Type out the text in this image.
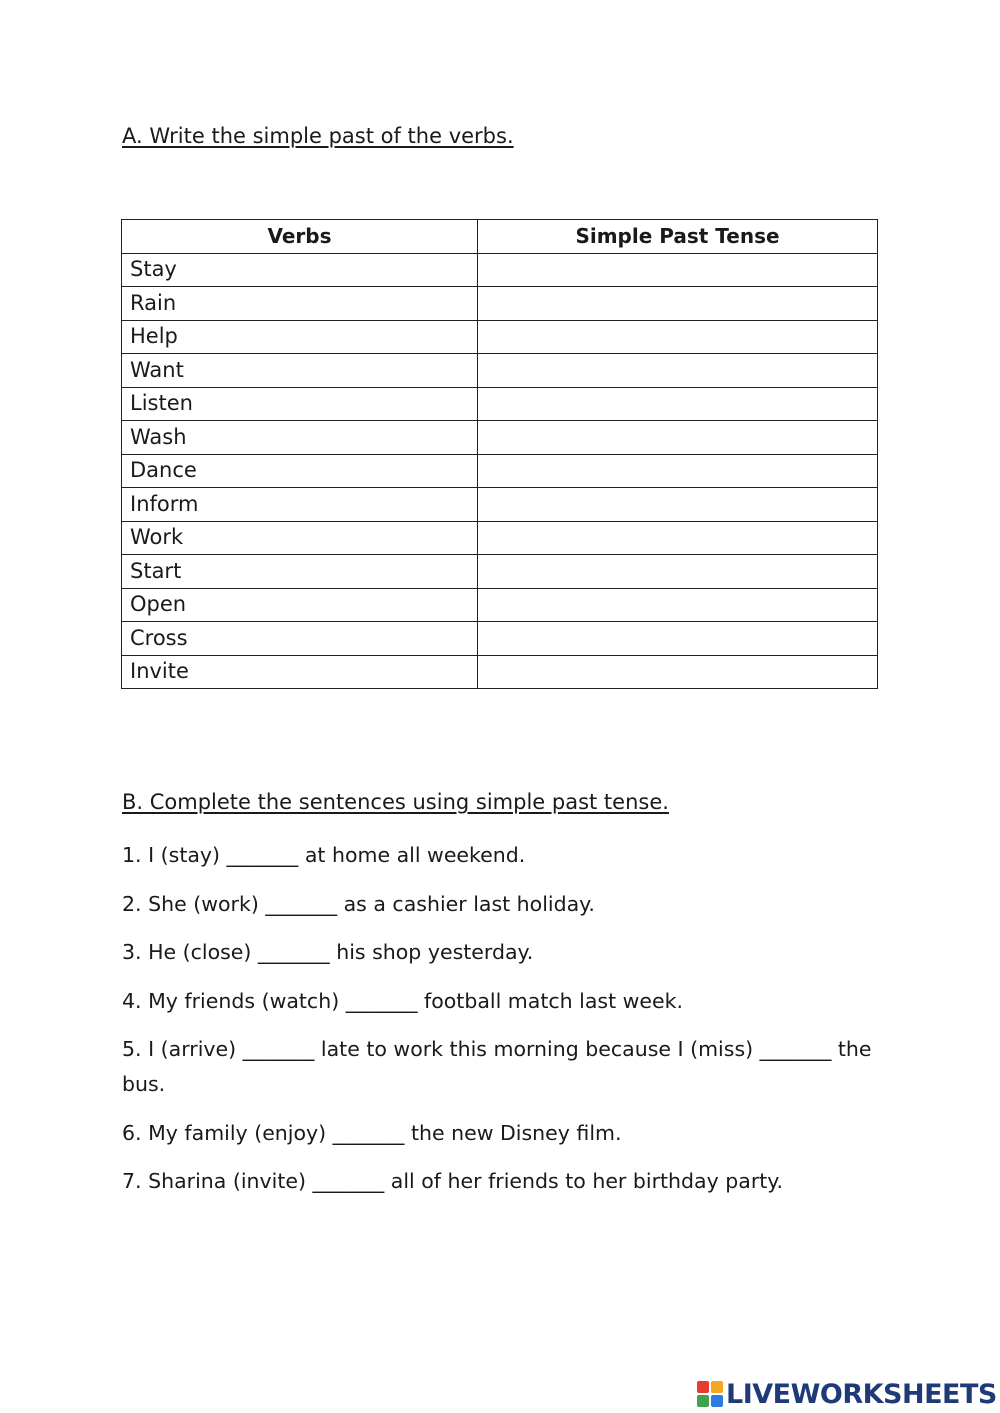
A. Write the simple past of the verbs.
Verbs	Simple Past Tense
Stay	
Rain	
Help	
Want	
Listen	
Wash	
Dance	
Inform	
Work	
Start	
Open	
Cross	
Invite	
B. Complete the sentences using simple past tense.

1. I (stay) _______ at home all weekend.

2. She (work) _______ as a cashier last holiday.

3. He (close) _______ his shop yesterday.

4. My friends (watch) _______ football match last week.

5. I (arrive) _______ late to work this morning because I (miss) _______ the bus.

6. My family (enjoy) _______ the new Disney film.

7. Sharina (invite) _______ all of her friends to her birthday party.

LIVEWORKSHEETS
